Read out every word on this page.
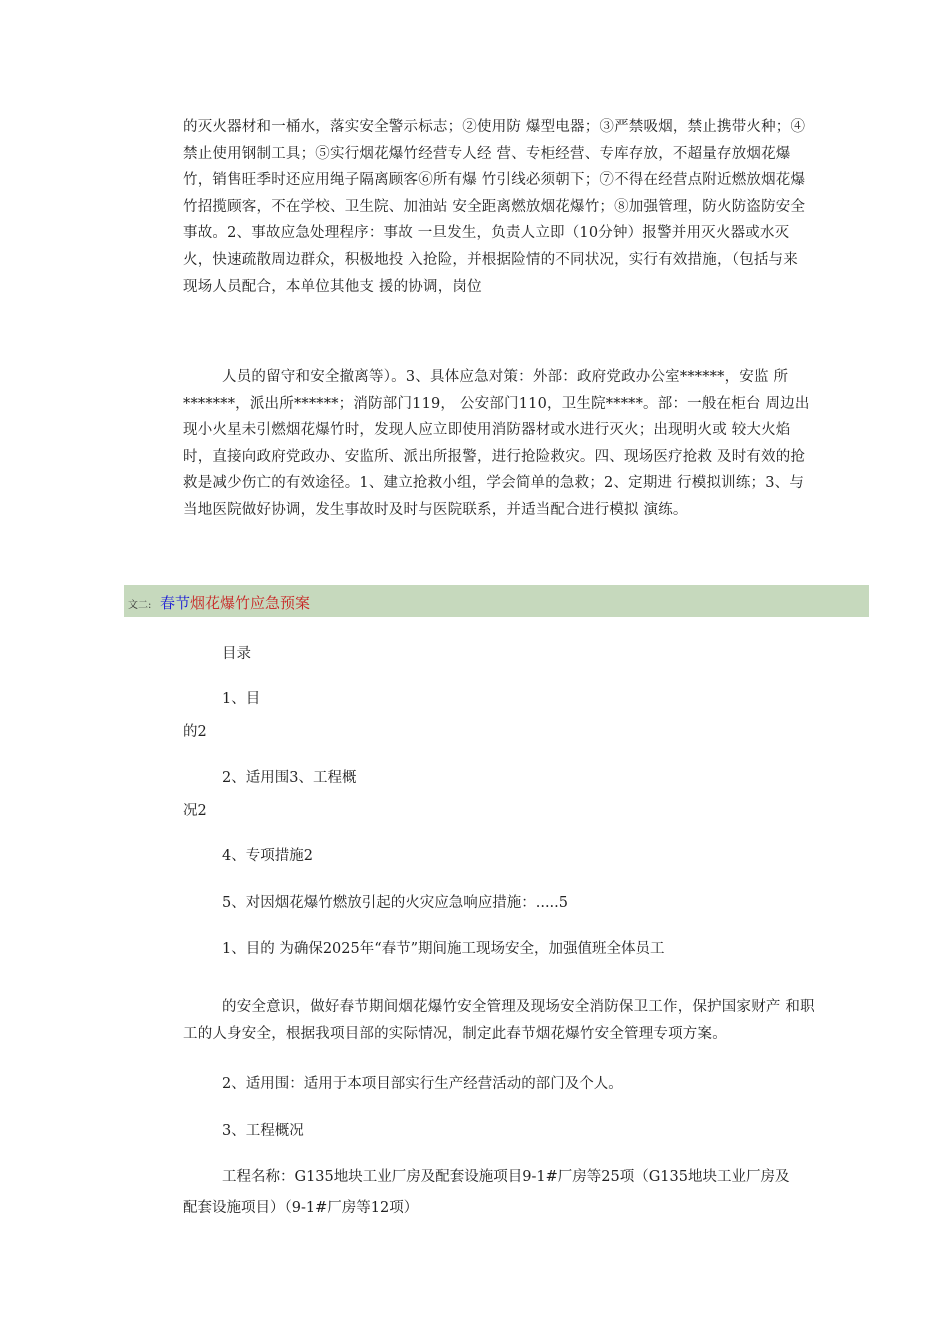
的灭火器材和一桶水，落实安全警示标志；②使用防 爆型电器；③严禁吸烟，禁止携带火种；④
禁止使用钢制工具；⑤实行烟花爆竹经营专人经 营、专柜经营、专库存放，不超量存放烟花爆
竹，销售旺季时还应用绳子隔离顾客⑥所有爆 竹引线必须朝下；⑦不得在经营点附近燃放烟花爆
竹招揽顾客，不在学校、卫生院、加油站 安全距离燃放烟花爆竹；⑧加强管理，防火防盗防安全
事故。2、事故应急处理程序：事故 一旦发生，负责人立即（10分钟）报警并用灭火器或水灭
火，快速疏散周边群众，积极地投 入抢险，并根据险情的不同状况，实行有效措施，（包括与来
现场人员配合，本单位其他支 援的协调，岗位
人员的留守和安全撤离等）。3、具体应急对策：外部：政府党政办公室******，安监 所
*******，派出所******；消防部门119， 公安部门110，卫生院*****。部：一般在柜台 周边出
现小火星未引燃烟花爆竹时，发现人应立即使用消防器材或水进行灭火；出现明火或 较大火焰
时，直接向政府党政办、安监所、派出所报警，进行抢险救灾。四、现场医疗抢救 及时有效的抢
救是减少伤亡的有效途径。1、建立抢救小组，学会简单的急救；2、定期进 行模拟训练；3、与
当地医院做好协调，发生事故时及时与医院联系，并适当配合进行模拟 演练。
文二: 春节烟花爆竹应急预案
目录
1、目
的2
2、适用围3、工程概
况2
4、专项措施2
5、对因烟花爆竹燃放引起的火灾应急响应措施：.....5
1、目的 为确保2025年“春节”期间施工现场安全，加强值班全体员工
的安全意识，做好春节期间烟花爆竹安全管理及现场安全消防保卫工作，保护国家财产 和职
工的人身安全，根据我项目部的实际情况，制定此春节烟花爆竹安全管理专项方案。
2、适用围：适用于本项目部实行生产经营活动的部门及个人。
3、工程概况
工程名称：G135地块工业厂房及配套设施项目9-1#厂房等25项（G135地块工业厂房及
配套设施项目）（9-1#厂房等12项）
